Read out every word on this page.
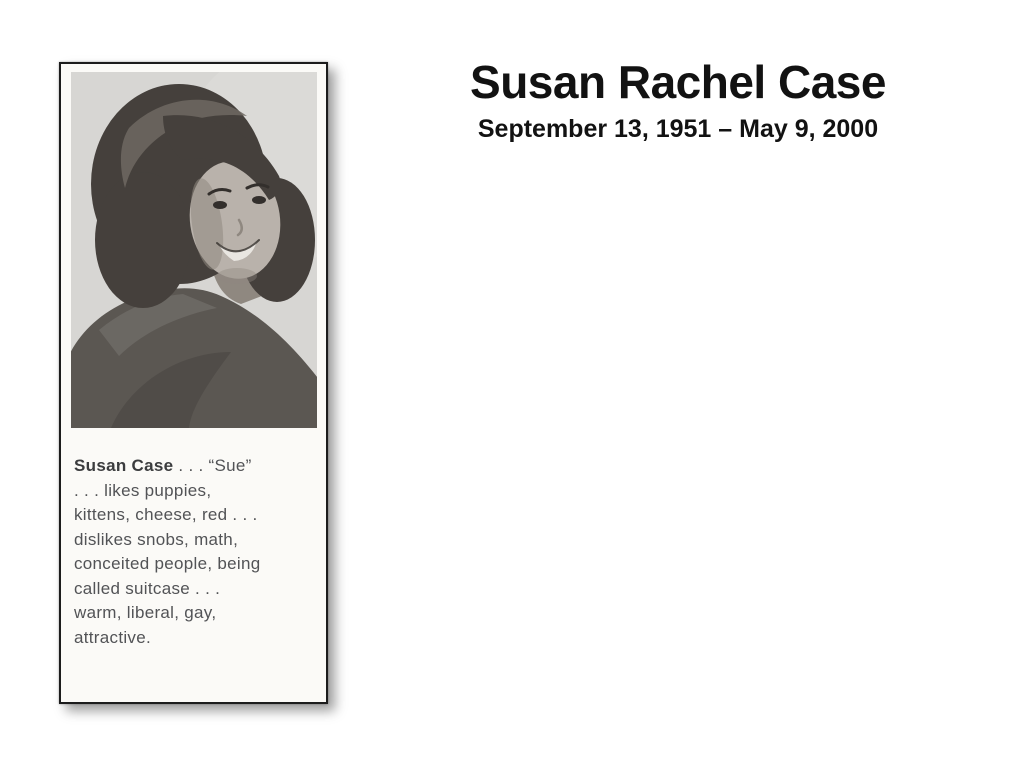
Susan Case . . . “Sue”

. . . likes puppies,

kittens, cheese, red . . .

dislikes snobs, math,

conceited people, being

called suitcase . . .

warm, liberal, gay,

attractive.

Susan Rachel Case
September 13, 1951 – May 9, 2000
